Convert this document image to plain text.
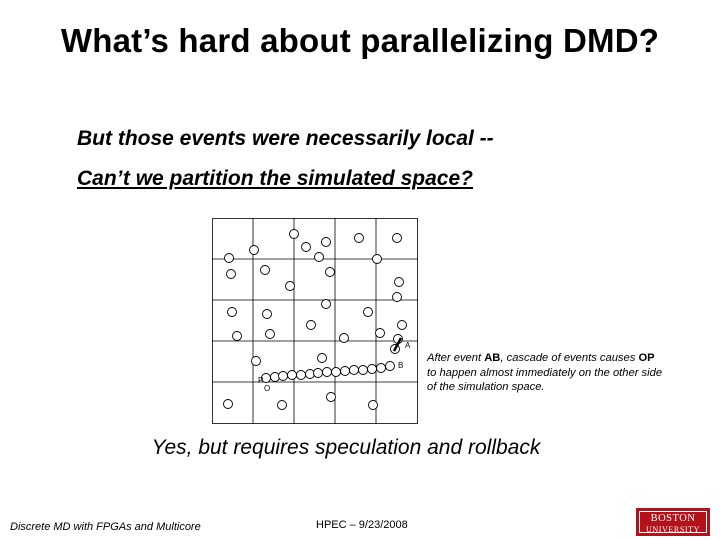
What’s hard about parallelizing DMD?
But those events were necessarily local --
Can’t we partition the simulated space?
A
B
P
O
After event AB, cascade of events causes OP to happen almost immediately on the other side of the simulation space.
Yes, but requires speculation and rollback
Discrete MD with FPGAs and Multicore	HPEC – 9/23/2008
BOSTON
UNIVERSITY
